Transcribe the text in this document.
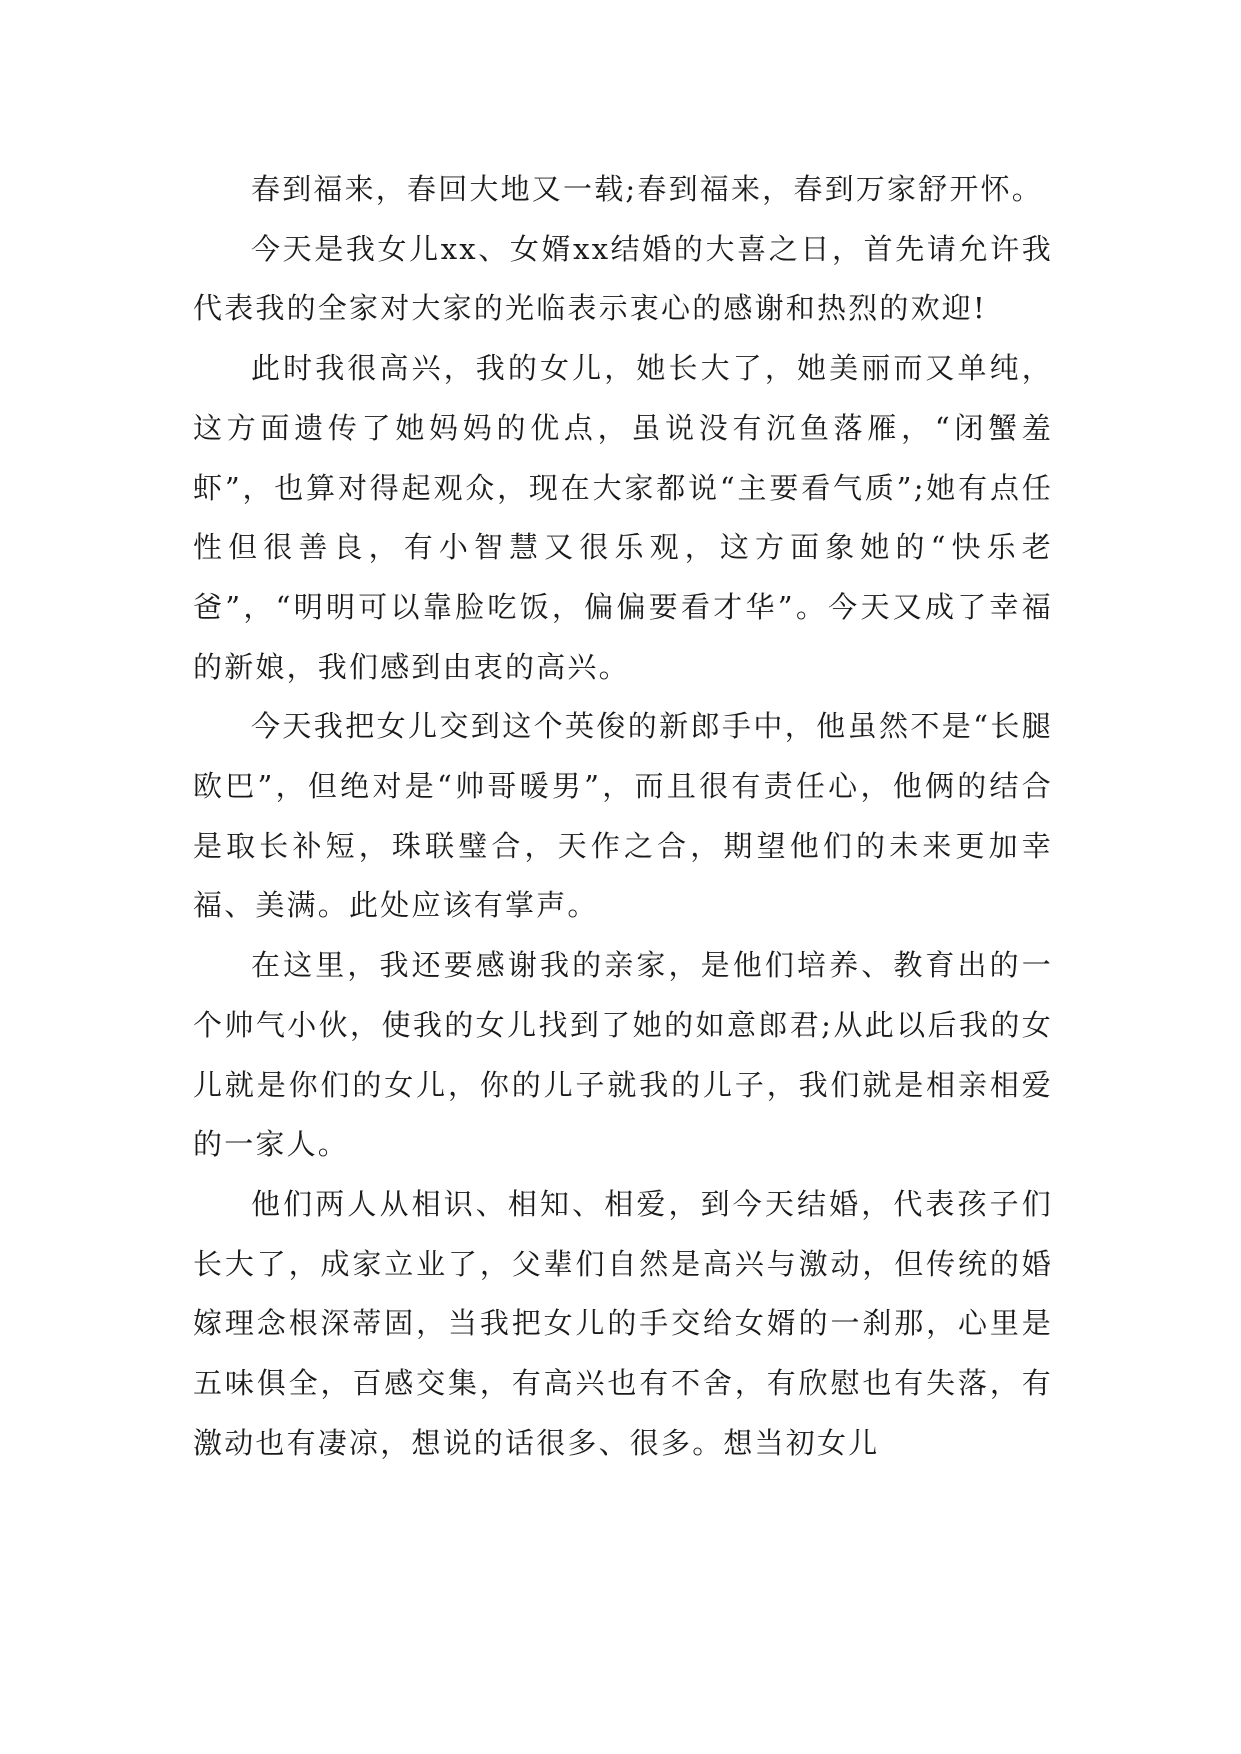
春到福来，春回大地又一载;春到福来，春到万家舒开怀。

今天是我女儿xx、女婿xx结婚的大喜之日，首先请允许我代表我的全家对大家的光临表示衷心的感谢和热烈的欢迎!

此时我很高兴，我的女儿，她长大了，她美丽而又单纯，这方面遗传了她妈妈的优点，虽说没有沉鱼落雁，“闭蟹羞虾”，也算对得起观众，现在大家都说“主要看气质”;她有点任性但很善良，有小智慧又很乐观，这方面象她的“快乐老爸”，“明明可以靠脸吃饭，偏偏要看才华”。今天又成了幸福的新娘，我们感到由衷的高兴。

今天我把女儿交到这个英俊的新郎手中，他虽然不是“长腿欧巴”，但绝对是“帅哥暖男”，而且很有责任心，他俩的结合是取长补短，珠联璧合，天作之合，期望他们的未来更加幸福、美满。此处应该有掌声。

在这里，我还要感谢我的亲家，是他们培养、教育出的一个帅气小伙，使我的女儿找到了她的如意郎君;从此以后我的女儿就是你们的女儿，你的儿子就我的儿子，我们就是相亲相爱的一家人。

他们两人从相识、相知、相爱，到今天结婚，代表孩子们长大了，成家立业了，父辈们自然是高兴与激动，但传统的婚嫁理念根深蒂固，当我把女儿的手交给女婿的一刹那，心里是五味俱全，百感交集，有高兴也有不舍，有欣慰也有失落，有激动也有凄凉，想说的话很多、很多。想当初女儿
